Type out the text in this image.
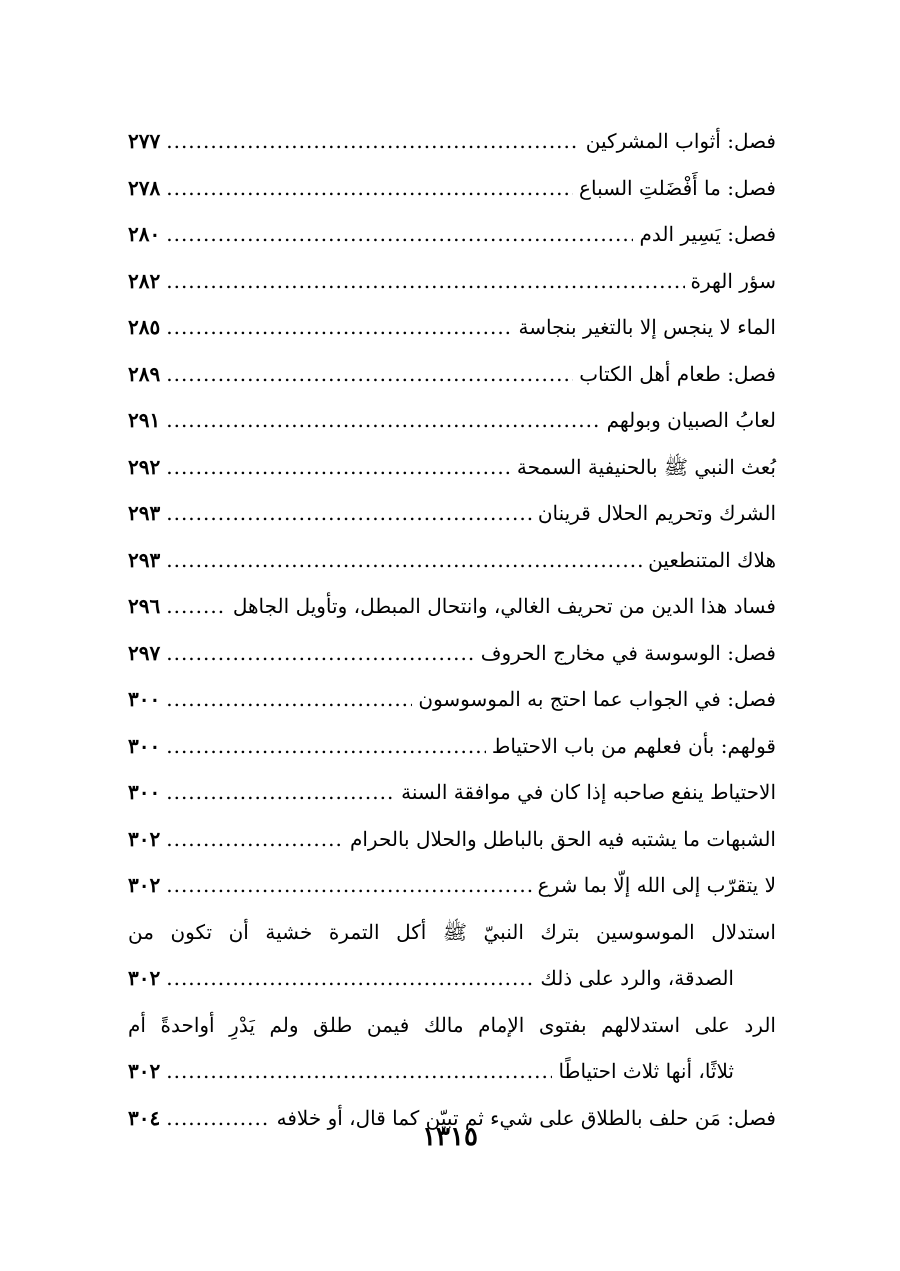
فصل: أثواب المشركين
.....
٢٧٧
فصل: ما أَفْضَلتِ السباع
.....
٢٧٨
فصل: يَسِير الدم
.....
٢٨٠
سؤر الهرة
.....
٢٨٢
الماء لا ينجس إلا بالتغير بنجاسة
.....
٢٨٥
فصل: طعام أهل الكتاب
.....
٢٨٩
لعابُ الصبيان وبولهم
.....
٢٩١
بُعث النبي ﷺ بالحنيفية السمحة
.....
٢٩٢
الشرك وتحريم الحلال قرينان
.....
٢٩٣
هلاك المتنطعين
.....
٢٩٣
فساد هذا الدين من تحريف الغالي، وانتحال المبطل، وتأويل الجاهل
.....
٢٩٦
فصل: الوسوسة في مخارج الحروف
.....
٢٩٧
فصل: في الجواب عما احتج به الموسوسون
.....
٣٠٠
قولهم: بأن فعلهم من باب الاحتياط
.....
٣٠٠
الاحتياط ينفع صاحبه إذا كان في موافقة السنة
.....
٣٠٠
الشبهات ما يشتبه فيه الحق بالباطل والحلال بالحرام
.....
٣٠٢
لا يتقرّب إلى الله إلّا بما شرع
.....
٣٠٢
استدلال الموسوسين بترك النبيّ ﷺ أكل التمرة خشية أن تكون من
الصدقة، والرد على ذلك
.....
٣٠٢
الرد على استدلالهم بفتوى الإمام مالك فيمن طلق ولم يَدْرِ أواحدةً أم
ثلاثًا، أنها ثلاث احتياطًا
.....
٣٠٢
فصل: مَن حلف بالطلاق على شيء ثم تبيّن كما قال، أو خلافه
.....
٣٠٤
١٣١٥
